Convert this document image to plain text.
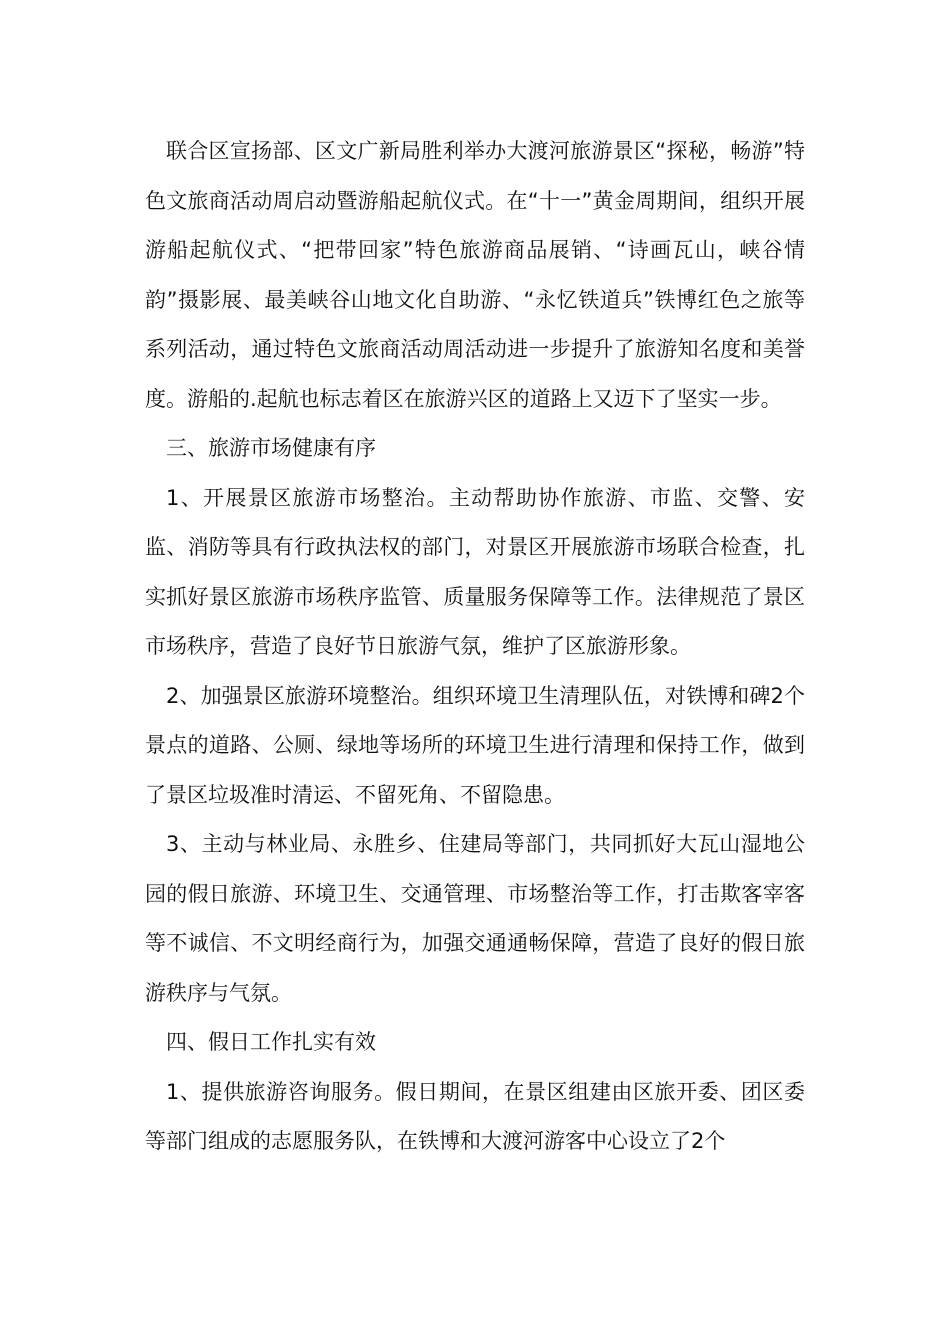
联合区宣扬部、区文广新局胜利举办大渡河旅游景区“探秘，畅游”特色文旅商活动周启动暨游船起航仪式。在“十一”黄金周期间，组织开展游船起航仪式、“把带回家”特色旅游商品展销、“诗画瓦山，峡谷情韵”摄影展、最美峡谷山地文化自助游、“永忆铁道兵”铁博红色之旅等系列活动，通过特色文旅商活动周活动进一步提升了旅游知名度和美誉度。游船的.起航也标志着区在旅游兴区的道路上又迈下了坚实一步。

三、旅游市场健康有序

1、开展景区旅游市场整治。主动帮助协作旅游、市监、交警、安监、消防等具有行政执法权的部门，对景区开展旅游市场联合检查，扎实抓好景区旅游市场秩序监管、质量服务保障等工作。法律规范了景区市场秩序，营造了良好节日旅游气氛，维护了区旅游形象。

2、加强景区旅游环境整治。组织环境卫生清理队伍，对铁博和碑2个景点的道路、公厕、绿地等场所的环境卫生进行清理和保持工作，做到了景区垃圾准时清运、不留死角、不留隐患。

3、主动与林业局、永胜乡、住建局等部门，共同抓好大瓦山湿地公园的假日旅游、环境卫生、交通管理、市场整治等工作，打击欺客宰客等不诚信、不文明经商行为，加强交通通畅保障，营造了良好的假日旅游秩序与气氛。

四、假日工作扎实有效

1、提供旅游咨询服务。假日期间，在景区组建由区旅开委、团区委等部门组成的志愿服务队，在铁博和大渡河游客中心设立了2个
